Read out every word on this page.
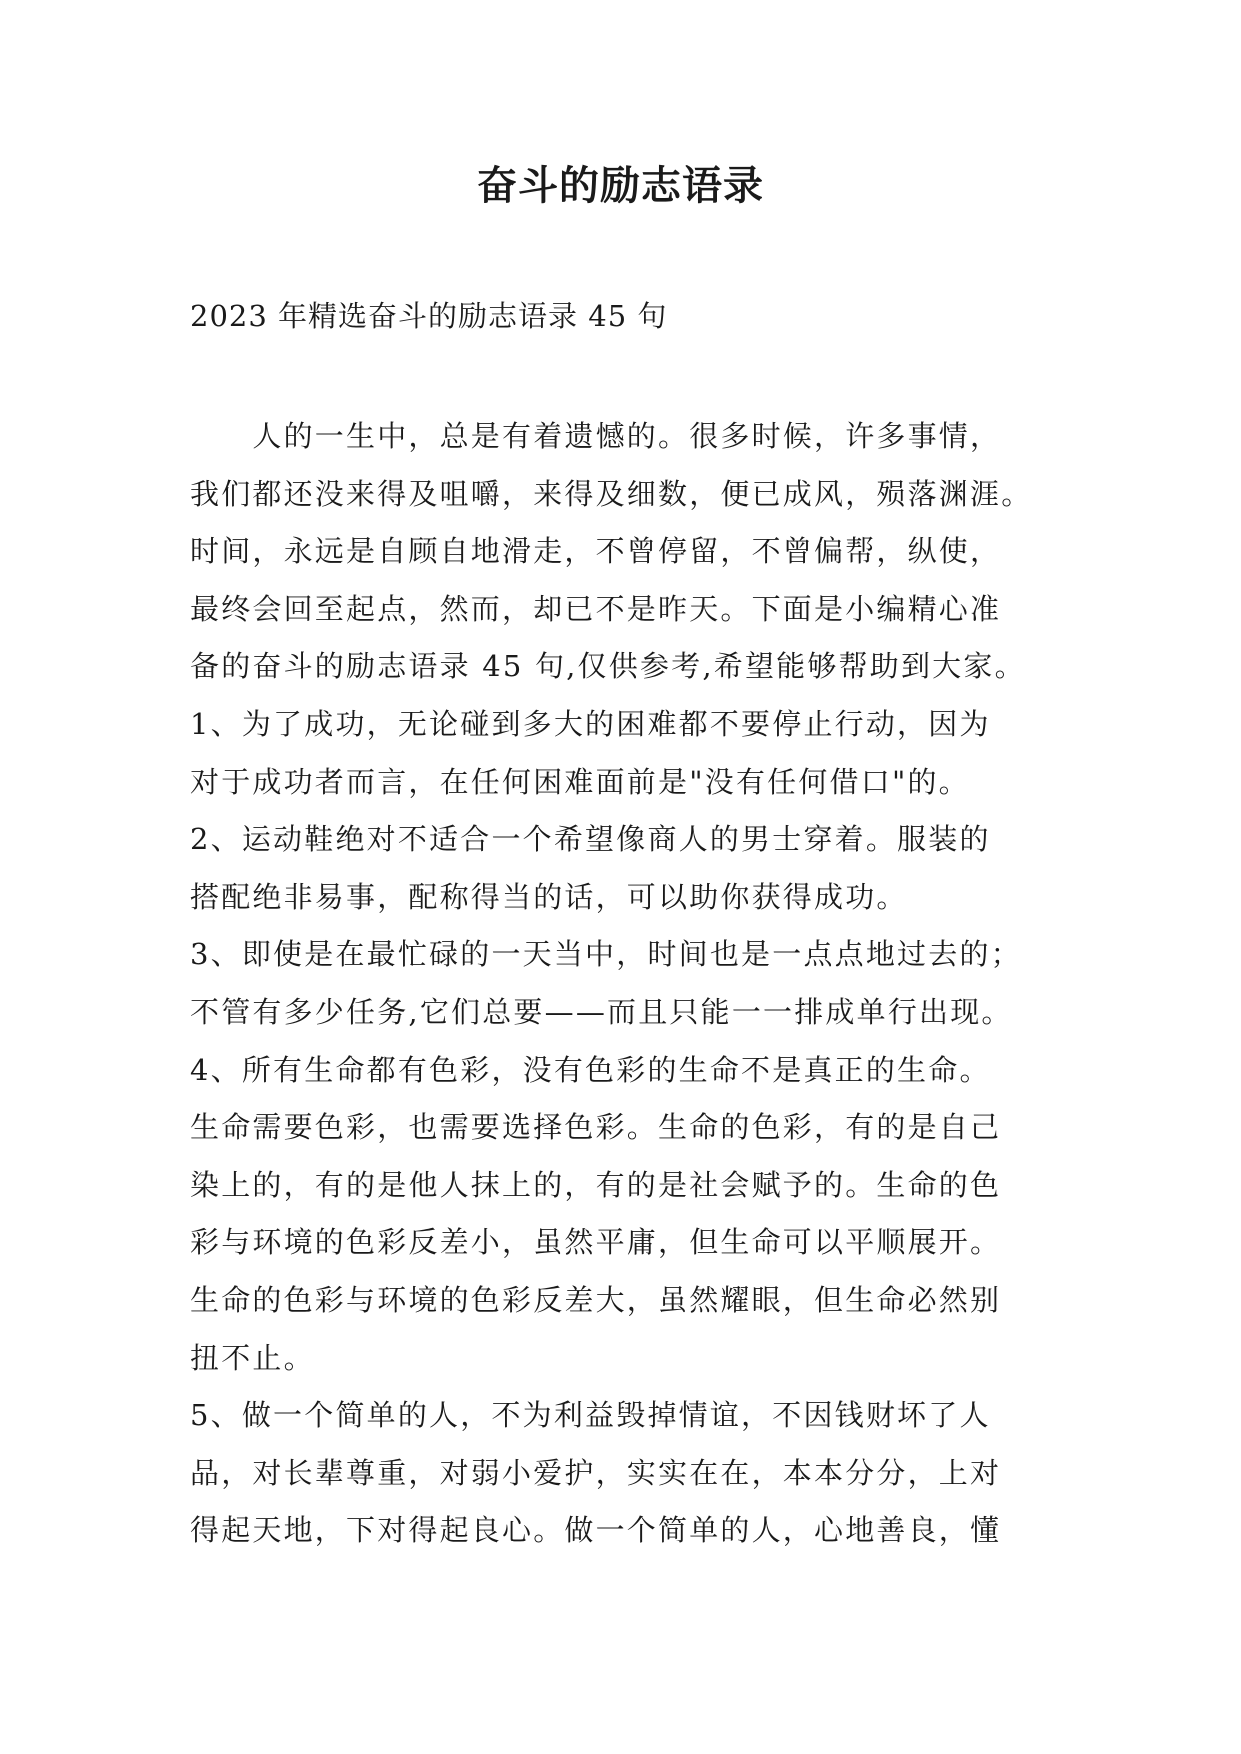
奋斗的励志语录
2023 年精选奋斗的励志语录 45 句
　　人的一生中，总是有着遗憾的。很多时候，许多事情，
我们都还没来得及咀嚼，来得及细数，便已成风，殒落渊涯。
时间，永远是自顾自地滑走，不曾停留，不曾偏帮，纵使，
最终会回至起点，然而，却已不是昨天。下面是小编精心准
备的奋斗的励志语录 45 句,仅供参考,希望能够帮助到大家。
1、为了成功，无论碰到多大的困难都不要停止行动，因为
对于成功者而言，在任何困难面前是"没有任何借口"的。
2、运动鞋绝对不适合一个希望像商人的男士穿着。服装的
搭配绝非易事，配称得当的话，可以助你获得成功。
3、即使是在最忙碌的一天当中，时间也是一点点地过去的；
不管有多少任务,它们总要——而且只能一一排成单行出现。
4、所有生命都有色彩，没有色彩的生命不是真正的生命。
生命需要色彩，也需要选择色彩。生命的色彩，有的是自己
染上的，有的是他人抹上的，有的是社会赋予的。生命的色
彩与环境的色彩反差小，虽然平庸，但生命可以平顺展开。
生命的色彩与环境的色彩反差大，虽然耀眼，但生命必然别
扭不止。
5、做一个简单的人，不为利益毁掉情谊，不因钱财坏了人
品，对长辈尊重，对弱小爱护，实实在在，本本分分，上对
得起天地，下对得起良心。做一个简单的人，心地善良，懂
